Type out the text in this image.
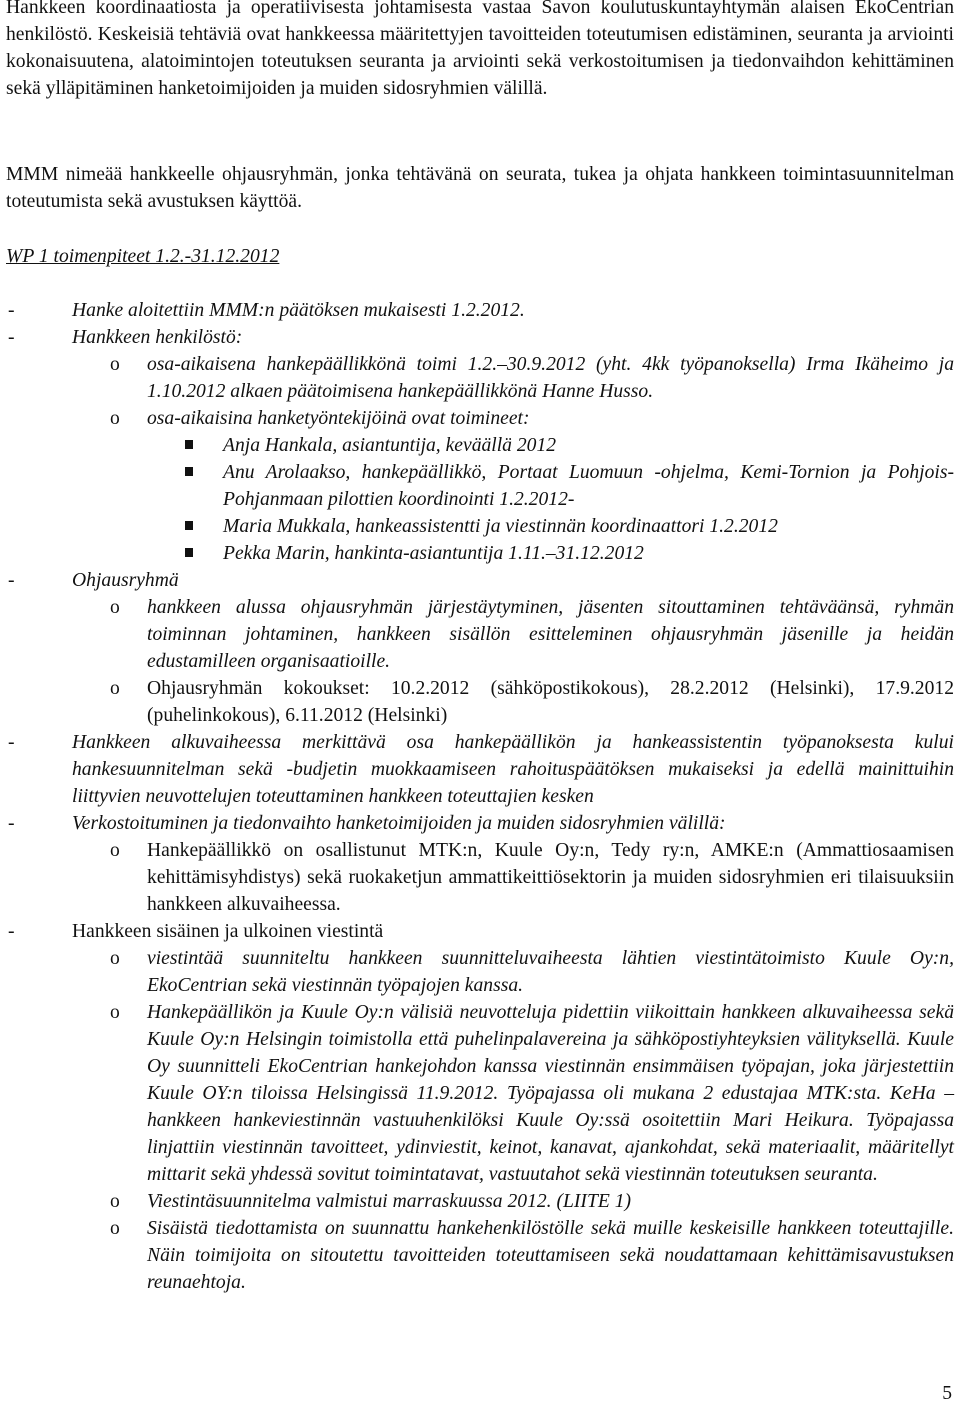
Hankkeen koordinaatiosta ja operatiivisesta johtamisesta vastaa Savon koulutuskuntayhtymän alaisen EkoCentrian henkilöstö. Keskeisiä tehtäviä ovat hankkeessa määritettyjen tavoitteiden toteutumisen edistäminen, seuranta ja arviointi kokonaisuutena, alatoimintojen toteutuksen seuranta ja arviointi sekä verkostoitumisen ja tiedonvaihdon kehittäminen sekä ylläpitäminen hanketoimijoiden ja muiden sidosryhmien välillä.

MMM nimeää hankkeelle ohjausryhmän, jonka tehtävänä on seurata, tukea ja ohjata hankkeen toimintasuunnitelman toteutumista sekä avustuksen käyttöä.

WP 1 toimenpiteet 1.2.-31.12.2012
-	Hanke aloitettiin MMM:n päätöksen mukaisesti 1.2.2012.
-	Hankkeen henkilöstö:
o	osa-aikaisena hankepäällikkönä toimi 1.2.–30.9.2012 (yht. 4kk työpanoksella) Irma Ikäheimo ja 1.10.2012 alkaen päätoimisena hankepäällikkönä Hanne Husso.
o	osa-aikaisina hanketyöntekijöinä ovat toimineet:
Anja Hankala, asiantuntija, keväällä 2012
Anu Arolaakso, hankepäällikkö, Portaat Luomuun -ohjelma, Kemi-Tornion ja Pohjois-Pohjanmaan pilottien koordinointi 1.2.2012-
Maria Mukkala, hankeassistentti ja viestinnän koordinaattori 1.2.2012
Pekka Marin, hankinta-asiantuntija 1.11.–31.12.2012
-	Ohjausryhmä
o	hankkeen alussa ohjausryhmän järjestäytyminen, jäsenten sitouttaminen tehtäväänsä, ryhmän toiminnan johtaminen, hankkeen sisällön esitteleminen ohjausryhmän jäsenille ja heidän edustamilleen organisaatioille.
o	Ohjausryhmän kokoukset: 10.2.2012 (sähköpostikokous), 28.2.2012 (Helsinki), 17.9.2012 (puhelinkokous), 6.11.2012 (Helsinki)
-	Hankkeen alkuvaiheessa merkittävä osa hankepäällikön ja hankeassistentin työpanoksesta kului hankesuunnitelman sekä -budjetin muokkaamiseen rahoituspäätöksen mukaiseksi ja edellä mainittuihin liittyvien neuvottelujen toteuttaminen hankkeen toteuttajien kesken
-	Verkostoituminen ja tiedonvaihto hanketoimijoiden ja muiden sidosryhmien välillä:
o	Hankepäällikkö on osallistunut MTK:n, Kuule Oy:n, Tedy ry:n, AMKE:n (Ammattiosaamisen kehittämisyhdistys) sekä ruokaketjun ammattikeittiösektorin ja muiden sidosryhmien eri tilaisuuksiin hankkeen alkuvaiheessa.
-	Hankkeen sisäinen ja ulkoinen viestintä
o	viestintää suunniteltu hankkeen suunnitteluvaiheesta lähtien viestintätoimisto Kuule Oy:n, EkoCentrian sekä viestinnän työpajojen kanssa.
o	Hankepäällikön ja Kuule Oy:n välisiä neuvotteluja pidettiin viikoittain hankkeen alkuvaiheessa sekä Kuule Oy:n Helsingin toimistolla että puhelinpalavereina ja sähköpostiyhteyksien välityksellä. Kuule Oy suunnitteli EkoCentrian hankejohdon kanssa viestinnän ensimmäisen työpajan, joka järjestettiin Kuule OY:n tiloissa Helsingissä 11.9.2012. Työpajassa oli mukana 2 edustajaa MTK:sta. KeHa – hankkeen hankeviestinnän vastuuhenkilöksi Kuule Oy:ssä osoitettiin Mari Heikura. Työpajassa linjattiin viestinnän tavoitteet, ydinviestit, keinot, kanavat, ajankohdat, sekä materiaalit, määritellyt mittarit sekä yhdessä sovitut toimintatavat, vastuutahot sekä viestinnän toteutuksen seuranta.
o	Viestintäsuunnitelma valmistui marraskuussa 2012. (LIITE 1)
o	Sisäistä tiedottamista on suunnattu hankehenkilöstölle sekä muille keskeisille hankkeen toteuttajille. Näin toimijoita on sitoutettu tavoitteiden toteuttamiseen sekä noudattamaan kehittämisavustuksen reunaehtoja.
5
